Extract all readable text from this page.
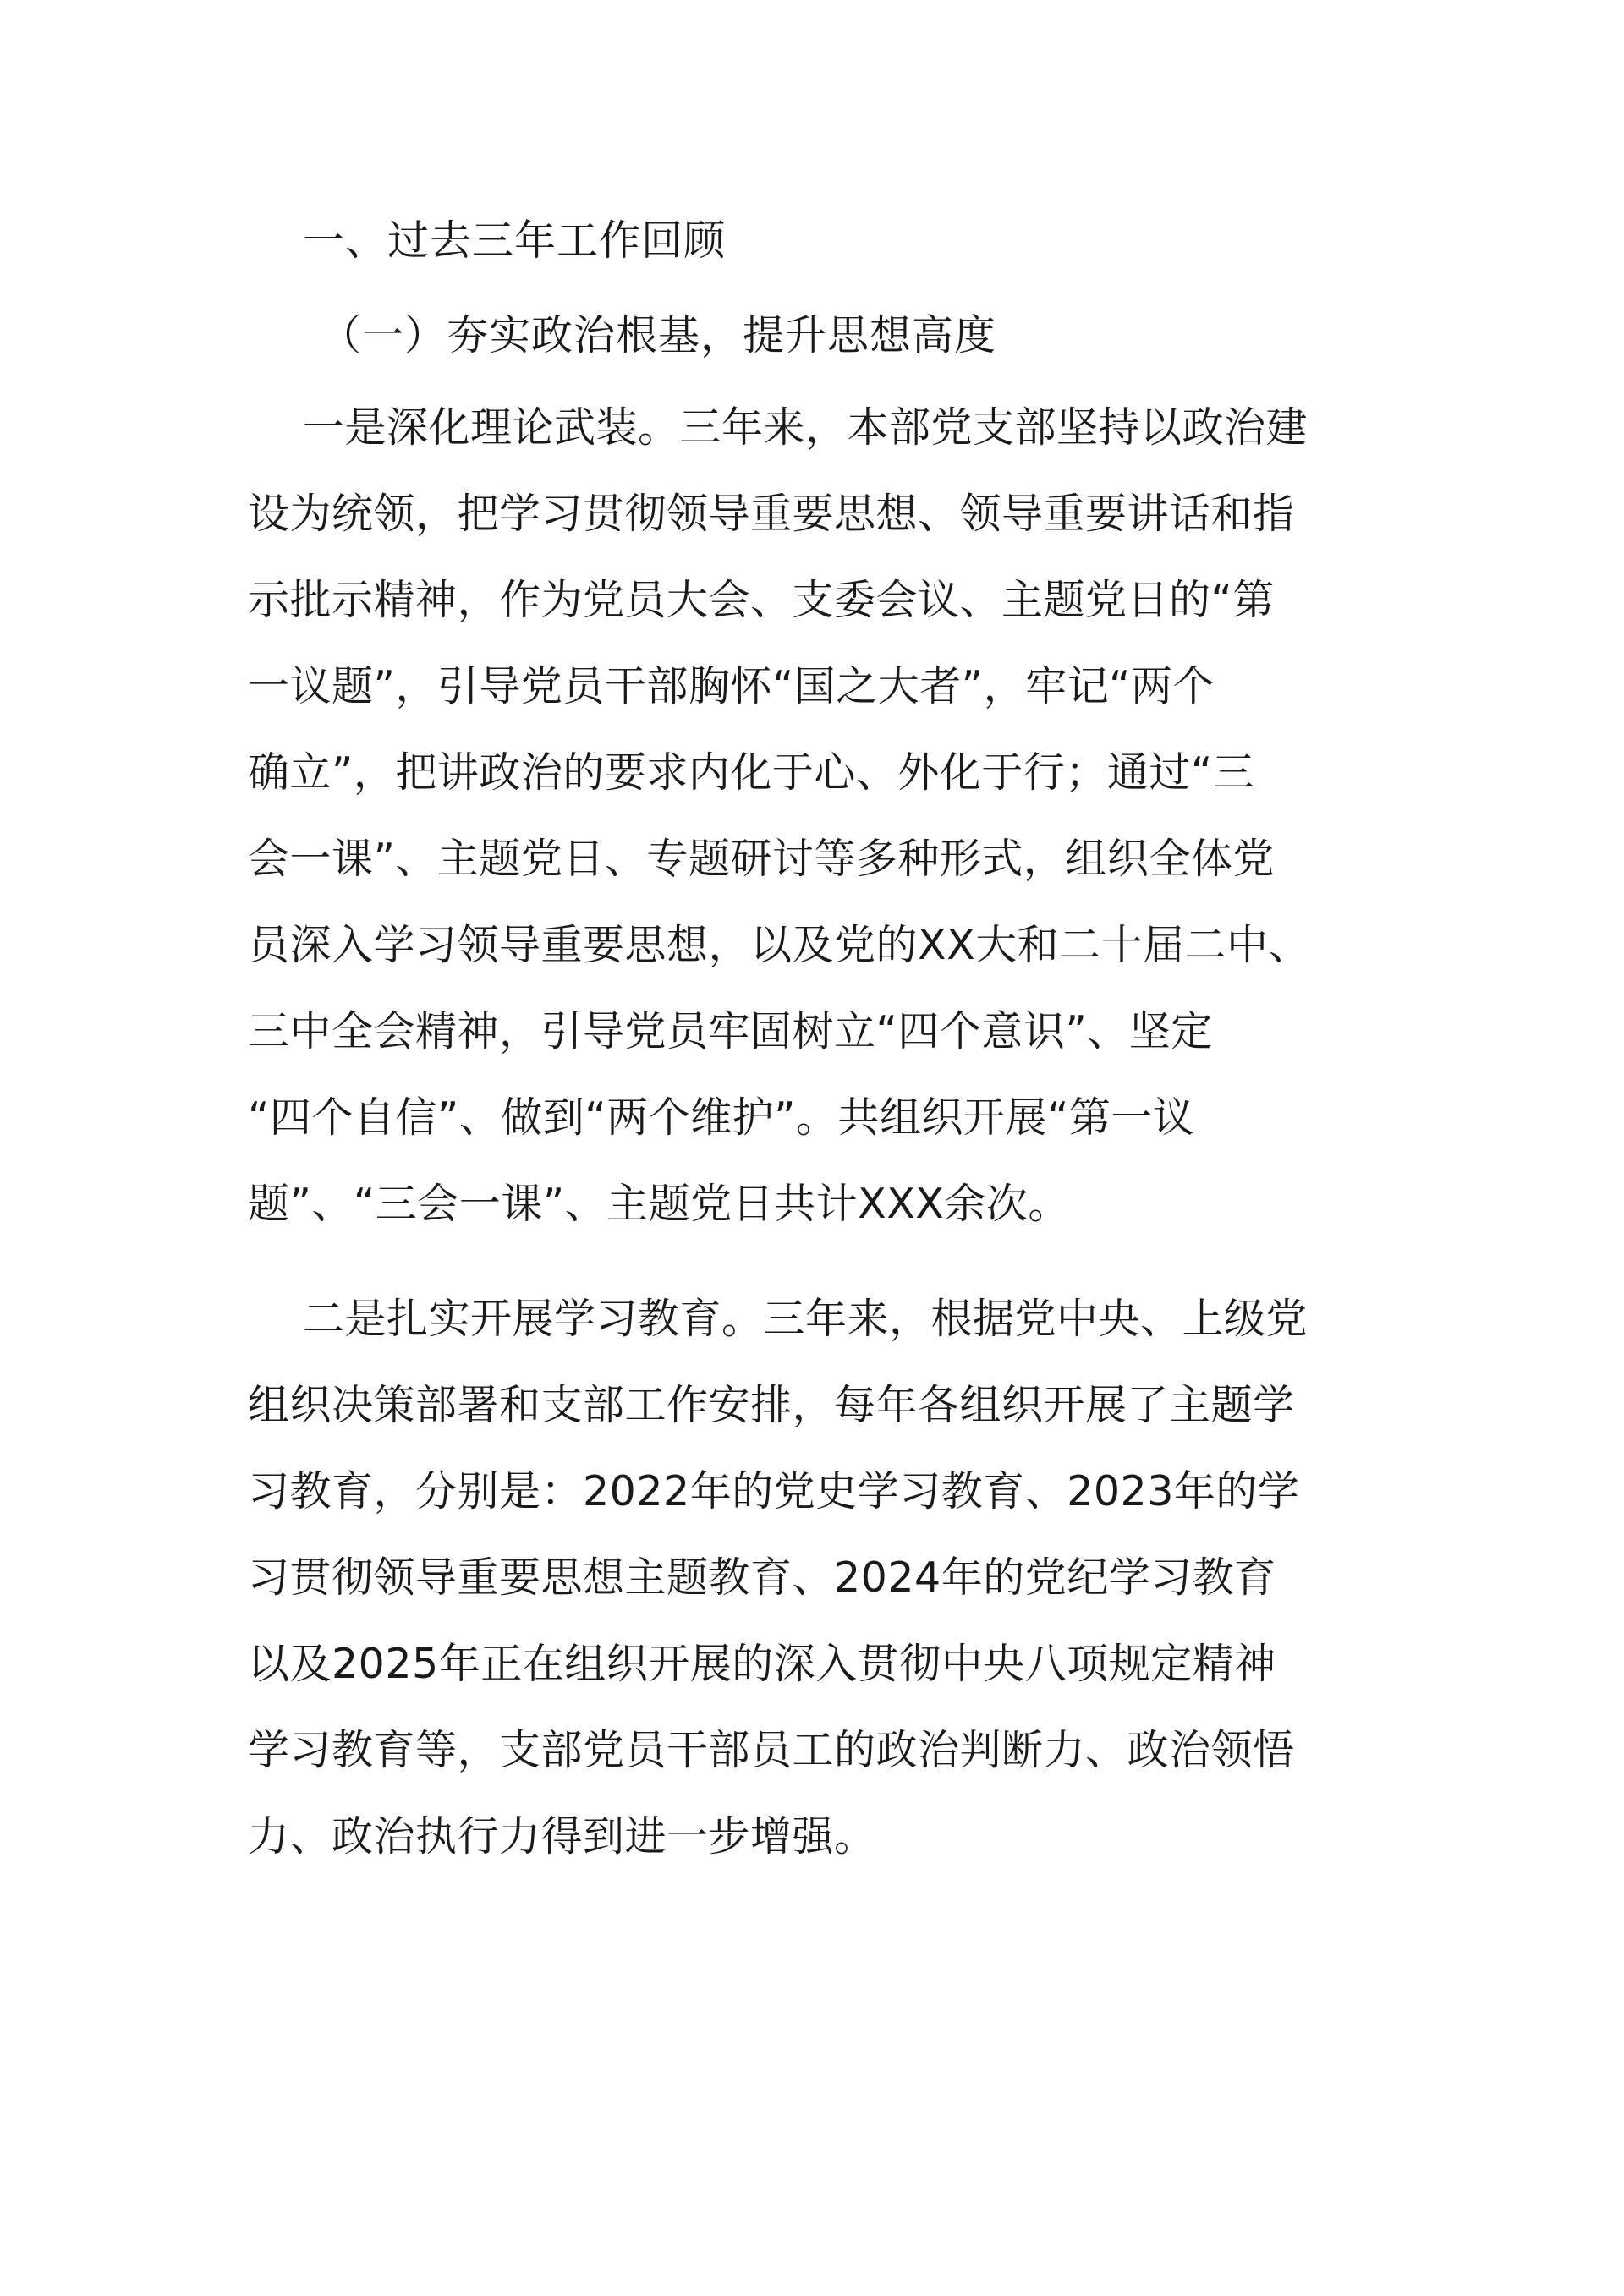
一、过去三年工作回顾
（一）夯实政治根基，提升思想高度
一是深化理论武装。三年来，本部党支部坚持以政治建
设为统领，把学习贯彻领导重要思想、领导重要讲话和指
示批示精神，作为党员大会、支委会议、主题党日的“第
一议题”，引导党员干部胸怀“国之大者”，牢记“两个
确立”，把讲政治的要求内化于心、外化于行；通过“三
会一课”、主题党日、专题研讨等多种形式，组织全体党
员深入学习领导重要思想，以及党的XX大和二十届二中、
三中全会精神，引导党员牢固树立“四个意识”、坚定
“四个自信”、做到“两个维护”。共组织开展“第一议
题”、“三会一课”、主题党日共计XXX余次。
二是扎实开展学习教育。三年来，根据党中央、上级党
组织决策部署和支部工作安排，每年各组织开展了主题学
习教育，分别是：2022年的党史学习教育、2023年的学
习贯彻领导重要思想主题教育、2024年的党纪学习教育
以及2025年正在组织开展的深入贯彻中央八项规定精神
学习教育等，支部党员干部员工的政治判断力、政治领悟
力、政治执行力得到进一步增强。
